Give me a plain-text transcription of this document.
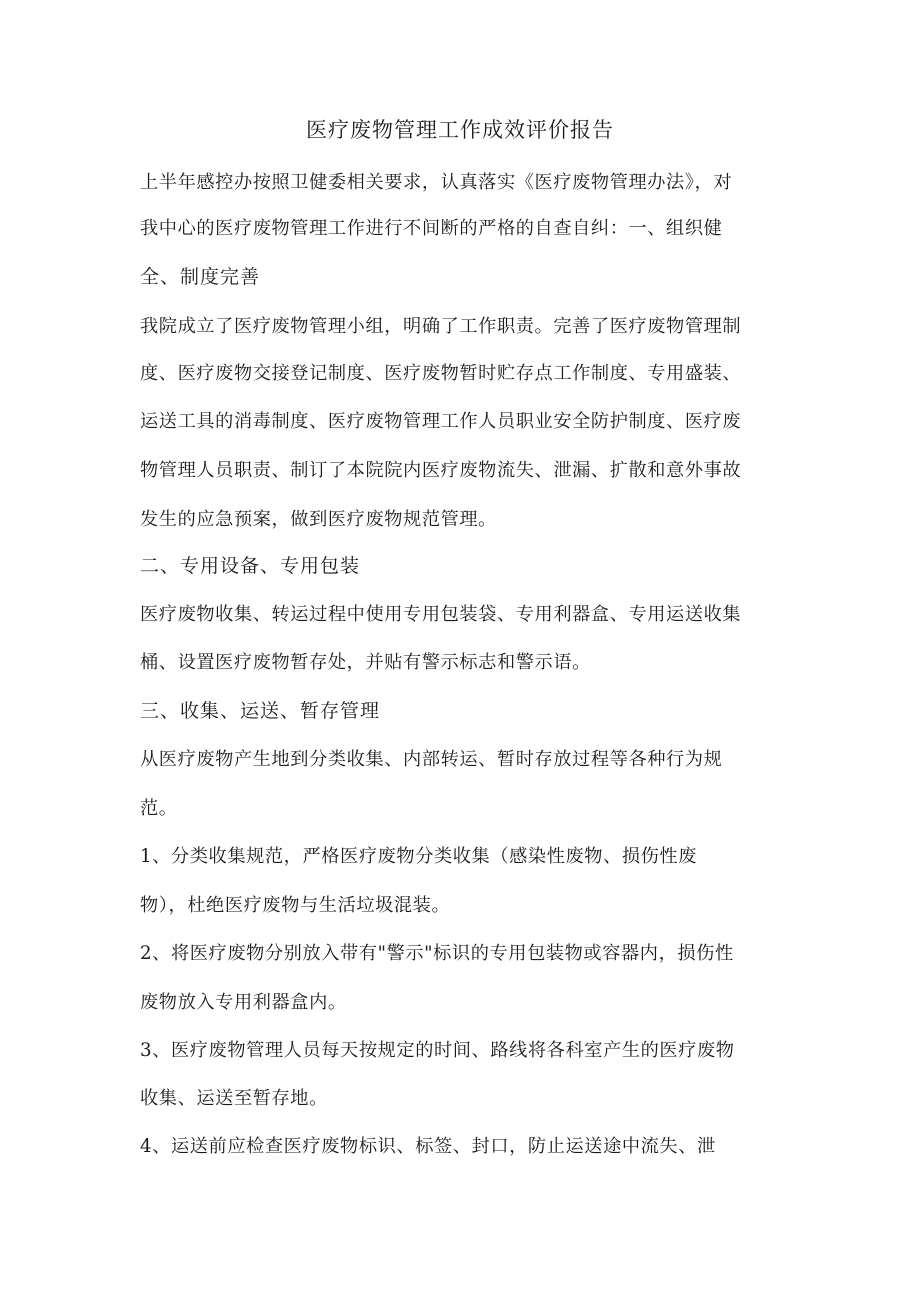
医疗废物管理工作成效评价报告
上半年感控办按照卫健委相关要求，认真落实《医疗废物管理办法》，对
我中心的医疗废物管理工作进行不间断的严格的自查自纠：一、组织健
全、制度完善
我院成立了医疗废物管理小组，明确了工作职责。完善了医疗废物管理制
度、医疗废物交接登记制度、医疗废物暂时贮存点工作制度、专用盛装、
运送工具的消毒制度、医疗废物管理工作人员职业安全防护制度、医疗废
物管理人员职责、制订了本院院内医疗废物流失、泄漏、扩散和意外事故
发生的应急预案，做到医疗废物规范管理。
二、专用设备、专用包装
医疗废物收集、转运过程中使用专用包装袋、专用利器盒、专用运送收集
桶、设置医疗废物暂存处，并贴有警示标志和警示语。
三、收集、运送、暂存管理
从医疗废物产生地到分类收集、内部转运、暂时存放过程等各种行为规
范。
1、分类收集规范，严格医疗废物分类收集（感染性废物、损伤性废
物），杜绝医疗废物与生活垃圾混装。
2、将医疗废物分别放入带有"警示"标识的专用包装物或容器内，损伤性
废物放入专用利器盒内。
3、医疗废物管理人员每天按规定的时间、路线将各科室产生的医疗废物
收集、运送至暂存地。
4、运送前应检查医疗废物标识、标签、封口，防止运送途中流失、泄
